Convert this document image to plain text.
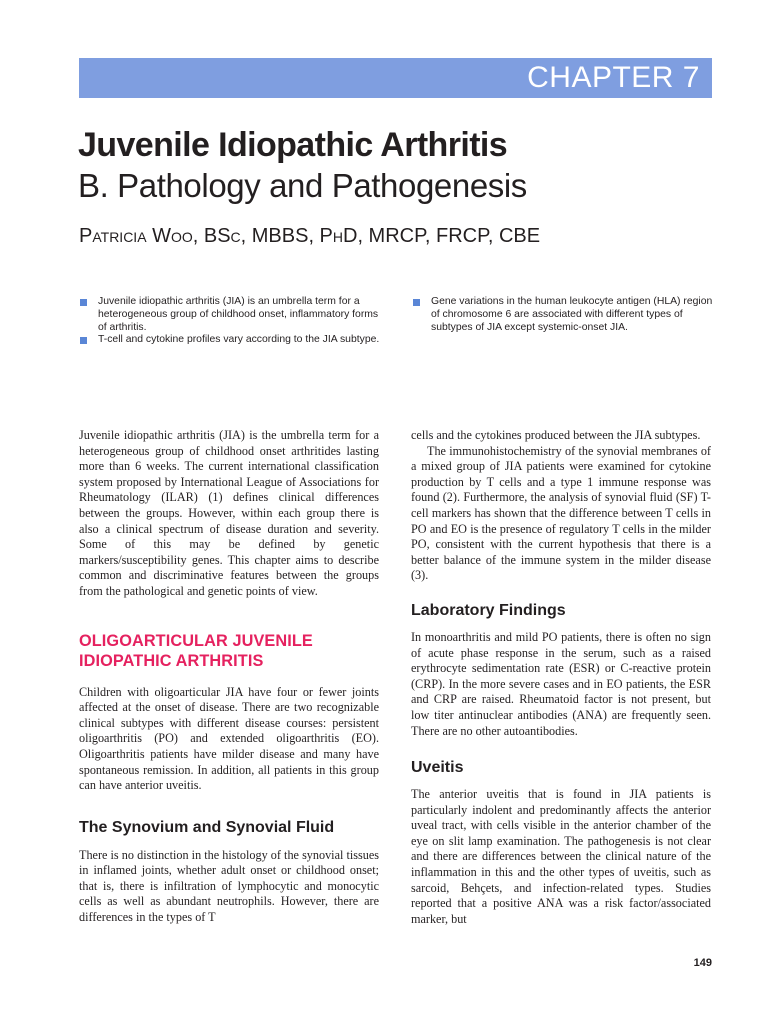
CHAPTER 7
Juvenile Idiopathic Arthritis
B. Pathology and Pathogenesis
Patricia Woo, BSc, MBBS, PhD, MRCP, FRCP, CBE
Juvenile idiopathic arthritis (JIA) is an umbrella term for a heterogeneous group of childhood onset, inflammatory forms of arthritis.
T-cell and cytokine profiles vary according to the JIA subtype.
Gene variations in the human leukocyte antigen (HLA) region of chromosome 6 are associated with different types of subtypes of JIA except systemic-onset JIA.

Juvenile idiopathic arthritis (JIA) is the umbrella term for a heterogeneous group of childhood onset arthritides lasting more than 6 weeks. The current international classification system proposed by International League of Associations for Rheumatology (ILAR) (1) defines clinical differences between the groups. However, within each group there is also a clinical spectrum of disease duration and severity. Some of this may be defined by genetic markers/susceptibility genes. This chapter aims to describe common and discriminative features between the groups from the pathological and genetic points of view.

OLIGOARTICULAR JUVENILE
IDIOPATHIC ARTHRITIS

Children with oligoarticular JIA have four or fewer joints affected at the onset of disease. There are two recognizable clinical subtypes with different disease courses: persistent oligoarthritis (PO) and extended oligoarthritis (EO). Oligoarthritis patients have milder disease and many have spontaneous remission. In addition, all patients in this group can have anterior uveitis.

The Synovium and Synovial Fluid

There is no distinction in the histology of the synovial tissues in inflamed joints, whether adult onset or childhood onset; that is, there is infiltration of lymphocytic and monocytic cells as well as abundant neutrophils. However, there are differences in the types of T

cells and the cytokines produced between the JIA subtypes.

The immunohistochemistry of the synovial membranes of a mixed group of JIA patients were examined for cytokine production by T cells and a type 1 immune response was found (2). Furthermore, the analysis of synovial fluid (SF) T-cell markers has shown that the difference between T cells in PO and EO is the presence of regulatory T cells in the milder PO, consistent with the current hypothesis that there is a better balance of the immune system in the milder disease (3).

Laboratory Findings

In monoarthritis and mild PO patients, there is often no sign of acute phase response in the serum, such as a raised erythrocyte sedimentation rate (ESR) or C-reactive protein (CRP). In the more severe cases and in EO patients, the ESR and CRP are raised. Rheumatoid factor is not present, but low titer antinuclear antibodies (ANA) are frequently seen. There are no other autoantibodies.

Uveitis

The anterior uveitis that is found in JIA patients is particularly indolent and predominantly affects the anterior uveal tract, with cells visible in the anterior chamber of the eye on slit lamp examination. The pathogenesis is not clear and there are differences between the clinical nature of the inflammation in this and the other types of uveitis, such as sarcoid, Behçets, and infection-related types. Studies reported that a positive ANA was a risk factor/associated marker, but

149
